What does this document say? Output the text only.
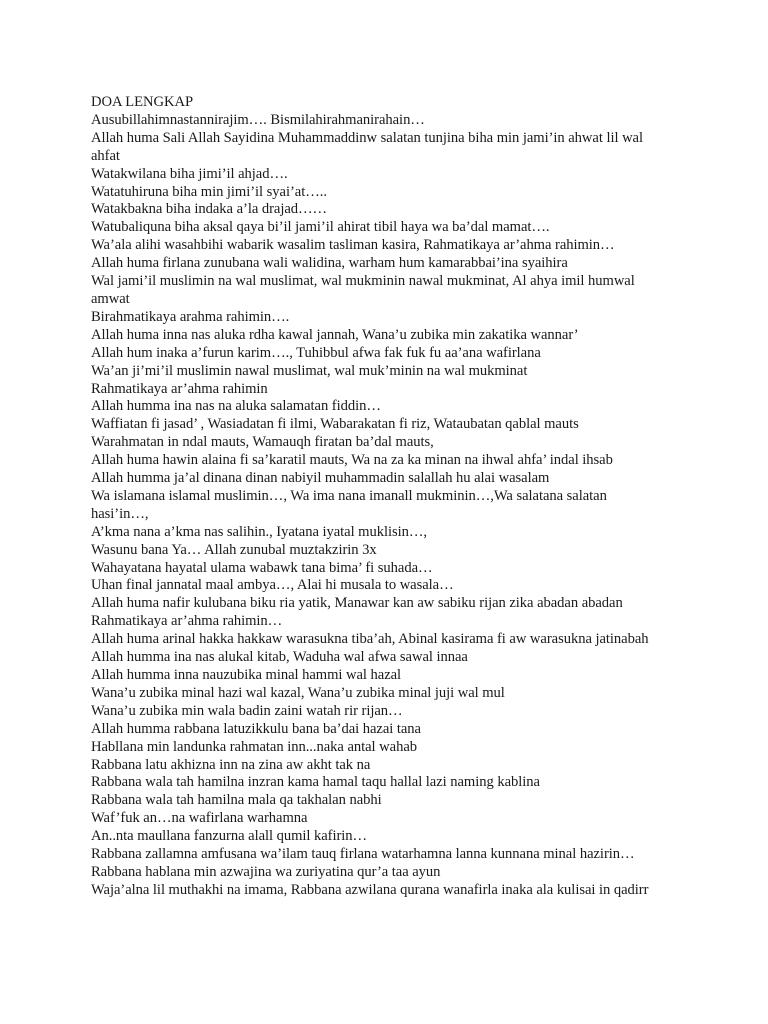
DOA LENGKAP
Ausubillahimnastannirajim…. Bismilahirahmanirahain…
Allah huma Sali Allah Sayidina Muhammaddinw salatan tunjina biha min jami’in ahwat lil wal
ahfat
Watakwilana biha jimi’il ahjad….
Watatuhiruna biha min jimi’il syai’at…..
Watakbakna biha indaka a’la drajad……
Watubaliquna biha aksal qaya bi’il jami’il ahirat tibil haya wa ba’dal mamat….
Wa’ala alihi wasahbihi wabarik wasalim tasliman kasira, Rahmatikaya ar’ahma rahimin…
Allah huma firlana zunubana wali walidina, warham hum kamarabbai’ina syaihira
Wal jami’il muslimin na wal muslimat, wal mukminin nawal mukminat, Al ahya imil humwal
amwat
Birahmatikaya arahma rahimin….
Allah huma inna nas aluka rdha kawal jannah, Wana’u zubika min zakatika wannar’
Allah hum inaka a’furun karim…., Tuhibbul afwa fak fuk fu aa’ana wafirlana
Wa’an ji’mi’il muslimin nawal muslimat, wal muk’minin na wal mukminat
Rahmatikaya ar’ahma rahimin
Allah humma ina nas na aluka salamatan fiddin…
Waffiatan fi jasad’ , Wasiadatan fi ilmi, Wabarakatan fi riz, Wataubatan qablal mauts
Warahmatan in ndal mauts, Wamauqh firatan ba’dal mauts,
Allah huma hawin alaina fi sa’karatil mauts, Wa na za ka minan na ihwal ahfa’ indal ihsab
Allah humma ja’al dinana dinan nabiyil muhammadin salallah hu alai wasalam
Wa islamana islamal muslimin…, Wa ima nana imanall mukminin…,Wa salatana salatan
hasi’in…,
A’kma nana a’kma nas salihin., Iyatana iyatal muklisin…,
Wasunu bana Ya… Allah zunubal muztakzirin 3x
Wahayatana hayatal ulama wabawk tana bima’ fi suhada…
Uhan final jannatal maal ambya…, Alai hi musala to wasala…
Allah huma nafir kulubana biku ria yatik, Manawar kan aw sabiku rijan zika abadan abadan
Rahmatikaya ar’ahma rahimin…
Allah huma arinal hakka hakkaw warasukna tiba’ah, Abinal kasirama fi aw warasukna jatinabah
Allah humma ina nas alukal kitab, Waduha wal afwa sawal innaa
Allah humma inna nauzubika minal hammi wal hazal
Wana’u zubika minal hazi wal kazal, Wana’u zubika minal juji wal mul
Wana’u zubika min wala badin zaini watah rir rijan…
Allah humma rabbana latuzikkulu bana ba’dai hazai tana
Habllana min landunka rahmatan inn...naka antal wahab
Rabbana latu akhizna inn na zina aw akht tak na
Rabbana wala tah hamilna inzran kama hamal taqu hallal lazi naming kablina
Rabbana wala tah hamilna mala qa takhalan nabhi
Waf’fuk an…na wafirlana warhamna
An..nta maullana fanzurna alall qumil kafirin…
Rabbana zallamna amfusana wa’ilam tauq firlana watarhamna lanna kunnana minal hazirin…
Rabbana hablana min azwajina wa zuriyatina qur’a taa ayun
Waja’alna lil muthakhi na imama, Rabbana azwilana qurana wanafirla inaka ala kulisai in qadirr
